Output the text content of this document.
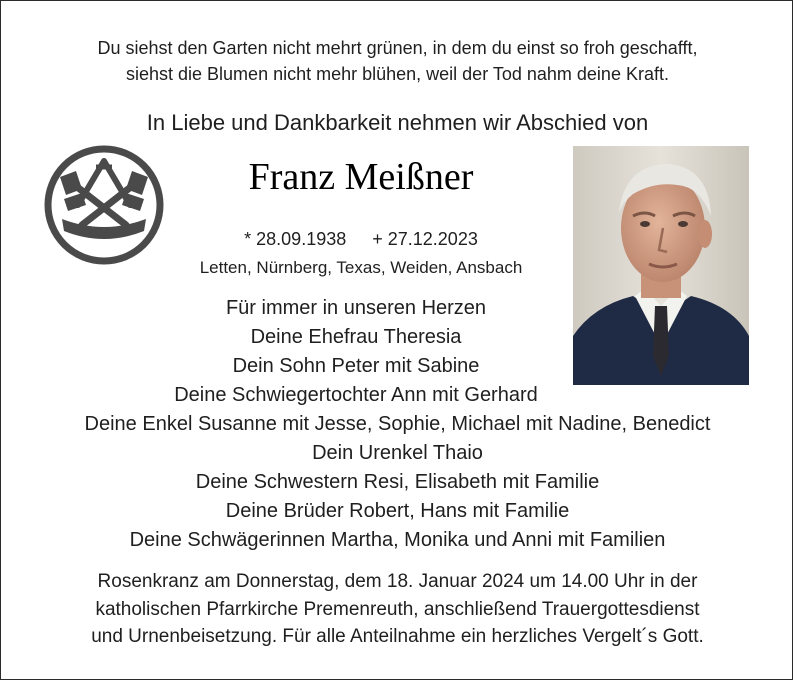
Du siehst den Garten nicht mehrt grünen, in dem du einst so froh geschafft,
siehst die Blumen nicht mehr blühen, weil der Tod nahm deine Kraft.
In Liebe und Dankbarkeit nehmen wir Abschied von
Franz Meißner
* 28.09.1938 + 27.12.2023
Letten, Nürnberg, Texas, Weiden, Ansbach
Für immer in unseren Herzen
Deine Ehefrau Theresia
Dein Sohn Peter mit Sabine
Deine Schwiegertochter Ann mit Gerhard
Deine Enkel Susanne mit Jesse, Sophie, Michael mit Nadine, Benedict
Dein Urenkel Thaio
Deine Schwestern Resi, Elisabeth mit Familie
Deine Brüder Robert, Hans mit Familie
Deine Schwägerinnen Martha, Monika und Anni mit Familien
Rosenkranz am Donnerstag, dem 18. Januar 2024 um 14.00 Uhr in der
katholischen Pfarrkirche Premenreuth, anschließend Trauergottesdienst
und Urnenbeisetzung. Für alle Anteilnahme ein herzliches Vergelt´s Gott.
